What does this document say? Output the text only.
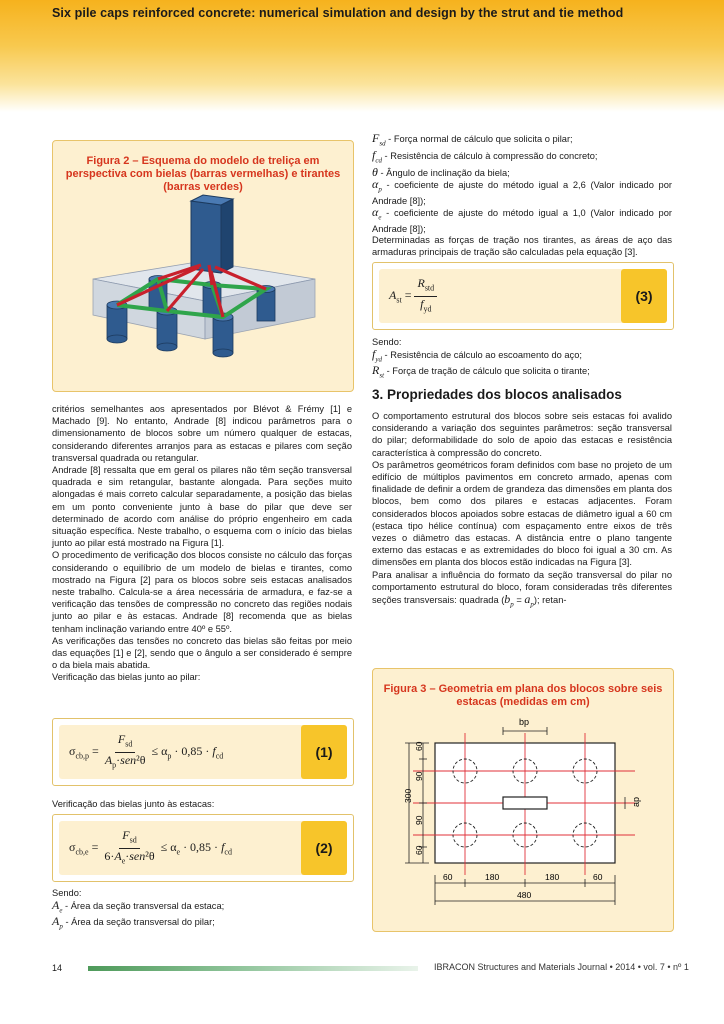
Six pile caps reinforced concrete: numerical simulation and design by the strut and tie method
Figura 2 – Esquema do modelo de treliça em perspectiva com bielas (barras vermelhas) e tirantes (barras verdes)

critérios semelhantes aos apresentados por Blévot & Frémy [1] e Machado [9]. No entanto, Andrade [8] indicou parâmetros para o dimensionamento de blocos sobre um número qualquer de estacas, considerando diferentes arranjos para as estacas e pilares com seção transversal quadrada ou retangular.

Andrade [8] ressalta que em geral os pilares não têm seção transversal quadrada e sim retangular, bastante alongada. Para seções muito alongadas é mais correto calcular separadamente, a posição das bielas em um ponto conveniente junto à base do pilar que deve ser determinado de acordo com análise do próprio engenheiro em cada situação específica. Neste trabalho, o esquema com o início das bielas junto ao pilar está mostrado na Figura [1].

O procedimento de verificação dos blocos consiste no cálculo das forças considerando o equilíbrio de um modelo de bielas e tirantes, como mostrado na Figura [2] para os blocos sobre seis estacas analisados neste trabalho. Calcula-se a área necessária de armadura, e faz-se a verificação das tensões de compressão no concreto das regiões nodais junto ao pilar e às estacas. Andrade [8] recomenda que as bielas tenham inclinação variando entre 40º e 55º.

As verificações das tensões no concreto das bielas são feitas por meio das equações [1] e [2], sendo que o ângulo a ser considerado é sempre o da biela mais abatida.

Verificação das bielas junto ao pilar:

$\sigma_{cb,p} = \frac{F_{sd}}{A_p\cdot sen^2\theta} \le \alpha_p \cdot 0,85 \cdot f_{cd}$	(1)

Verificação das bielas junto às estacas:

$\sigma_{cb,e} = \frac{F_{sd}}{6\cdot A_e\cdot sen^2\theta} \le \alpha_e \cdot 0,85 \cdot f_{cd}$	(2)

Sendo:

$A_e$ - Área da seção transversal da estaca;

$A_p$ - Área da seção transversal do pilar;

$F_{sd}$ - Força normal de cálculo que solicita o pilar;

$f_{cd}$ - Resistência de cálculo à compressão do concreto;

θ - Ângulo de inclinação da biela;

$\alpha_p$ - coeficiente de ajuste do método igual a 2,6 (Valor indicado por Andrade [8]);

$\alpha_e$ - coeficiente de ajuste do método igual a 1,0 (Valor indicado por Andrade [8]);

Determinadas as forças de tração nos tirantes, as áreas de aço das armaduras principais de tração são calculadas pela equação [3].

$A_{st} = \frac{R_{std}}{f_{yd}}$	(3)

Sendo:

$f_{yd}$ - Resistência de cálculo ao escoamento do aço;

$R_{st}$ - Força de tração de cálculo que solicita o tirante;

3. Propriedades dos blocos analisados

O comportamento estrutural dos blocos sobre seis estacas foi avalido considerando a variação dos seguintes parâmetros: seção transversal do pilar; deformabilidade do solo de apoio das estacas e resistência característica à compressão do concreto.

Os parâmetros geométricos foram definidos com base no projeto de um edifício de múltiplos pavimentos em concreto armado, apenas com finalidade de definir a ordem de grandeza das dimensões em planta dos blocos, bem como dos pilares e estacas adjacentes. Foram considerados blocos apoiados sobre estacas de diâmetro igual a 60 cm (estaca tipo hélice contínua) com espaçamento entre eixos de três vezes o diâmetro das estacas. A distância entre o plano tangente externo das estacas e as extremidades do bloco foi igual a 30 cm. As dimensões em planta dos blocos estão indicadas na Figura [3].

Para analisar a influência do formato da seção transversal do pilar no comportamento estrutural do bloco, foram consideradas três diferentes seções transversais: quadrada $(b_p = a_p)$; retan-

Figura 3 – Geometria em plana dos blocos sobre seis estacas (medidas em cm)
bp
ap
300
60
90
90
60
60	180	180	60
480
14	IBRACON Structures and Materials Journal • 2014 • vol. 7 • nº 1
